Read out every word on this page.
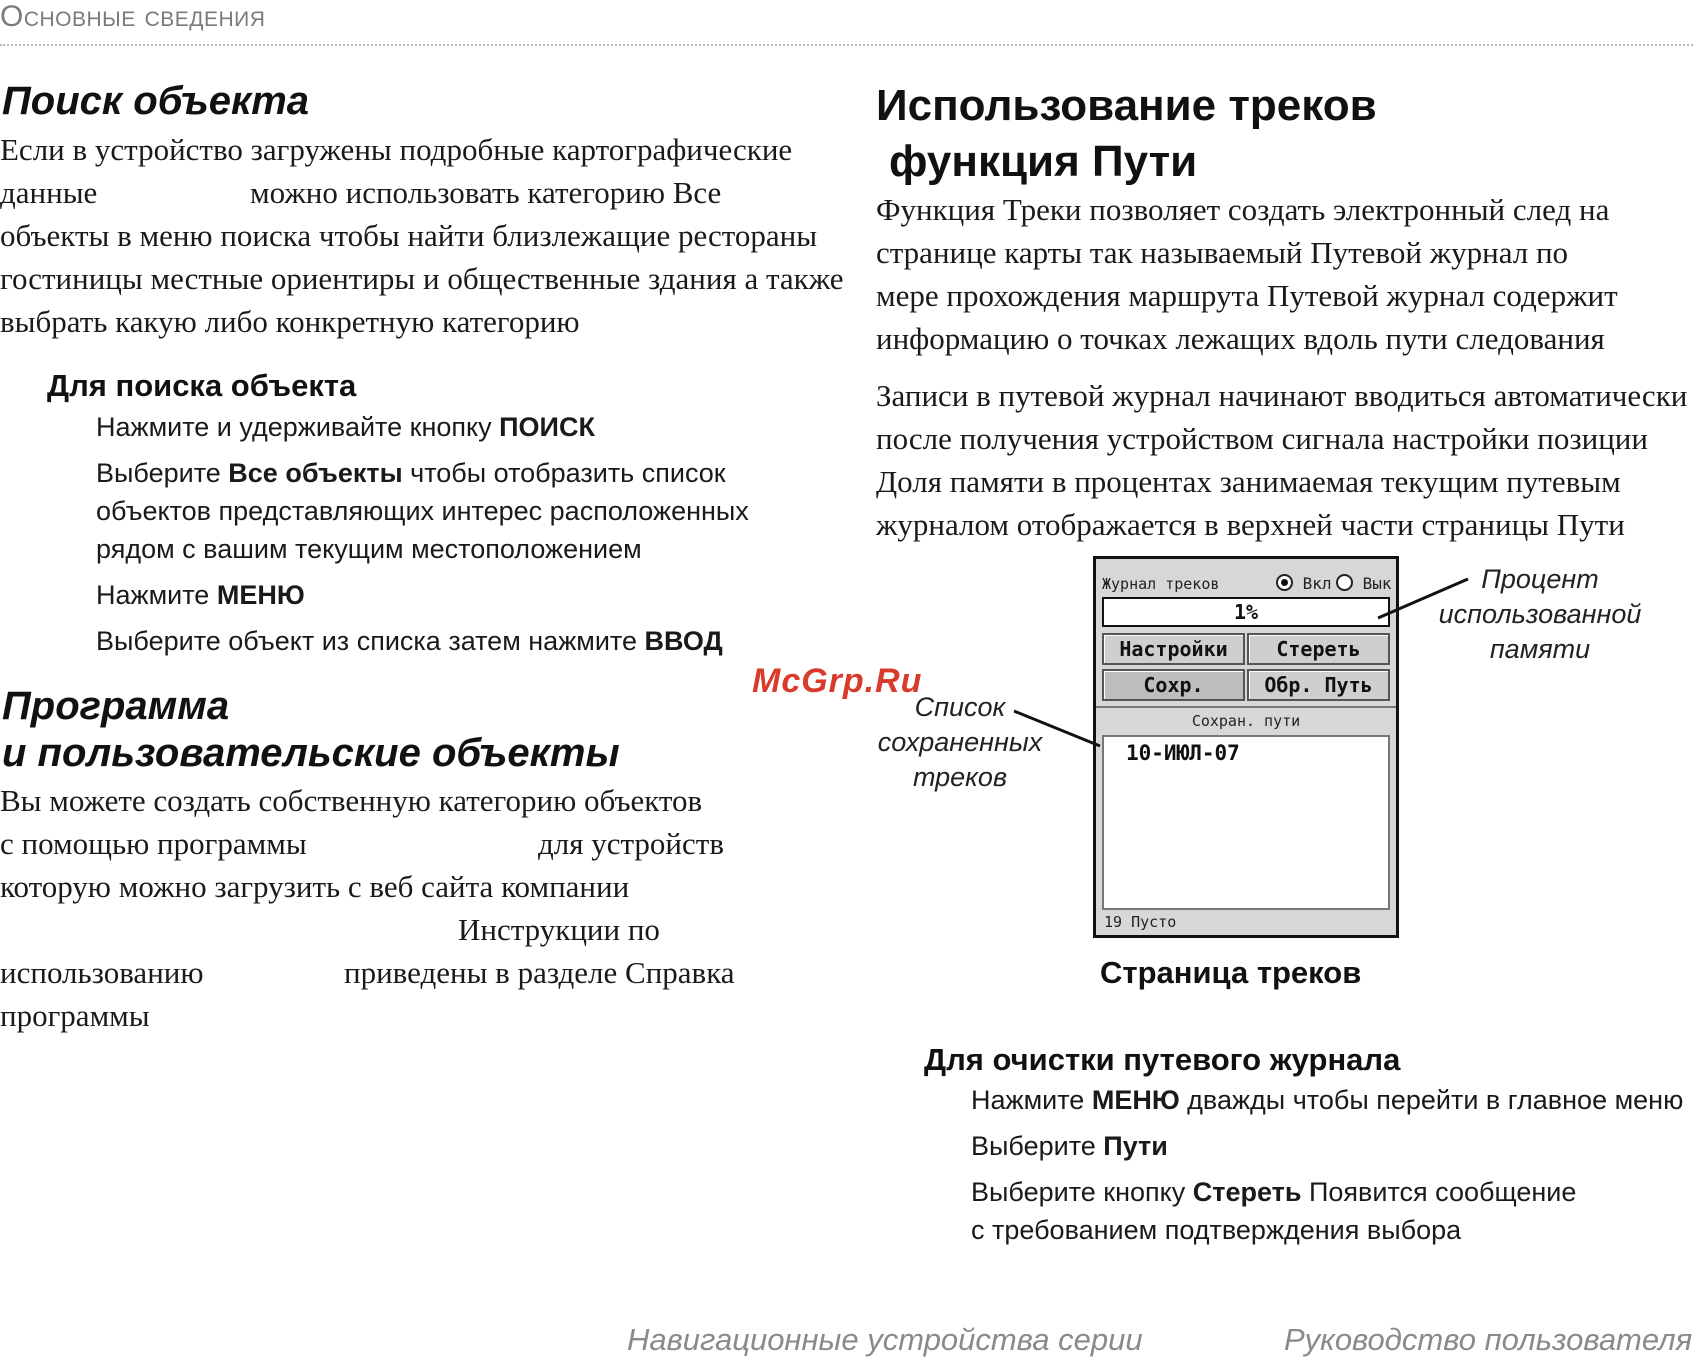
Основные сведения
Поиск объекта

Если в устройство загружены подробные картографические

данные	можно использовать категорию Все

объекты в меню поиска чтобы найти близлежащие рестораны

гостиницы местные ориентиры и общественные здания а также

выбрать какую либо конкретную категорию

Для поиска объекта
Нажмите и удерживайте кнопку ПОИСК
Выберите Все объекты чтобы отобразить список
объектов представляющих интерес расположенных
рядом с вашим текущим местоположением
Нажмите МЕНЮ
Выберите объект из списка затем нажмите ВВОД
Программа
и пользовательские объекты

Вы можете создать собственную категорию объектов

с помощью программы	для устройств

которую можно загрузить с веб сайта компании

Инструкции по

использованию	приведены в разделе Справка

программы

Использование треков
функция Пути

Функция Треки позволяет создать электронный след на

странице карты так называемый Путевой журнал по

мере прохождения маршрута Путевой журнал содержит

информацию о точках лежащих вдоль пути следования

Записи в путевой журнал начинают вводиться автоматически

после получения устройством сигнала настройки позиции

Доля памяти в процентах занимаемая текущим путевым

журналом отображается в верхней части страницы Пути

Журнал треков	Вкл	Вык
1%
Настройки	Стереть
Сохр.	Обр. Путь
Сохран. пути
10-ИЮЛ-07
19 Пусто
Процент
использованной
памяти
Список
сохраненных
треков
McGrp.Ru
Страница треков
Для очистки путевого журнала
Нажмите МЕНЮ дважды чтобы перейти в главное меню
Выберите Пути
Выберите кнопку Стереть Появится сообщение
с требованием подтверждения выбора
Навигационные устройства серии	Руководство пользователя
